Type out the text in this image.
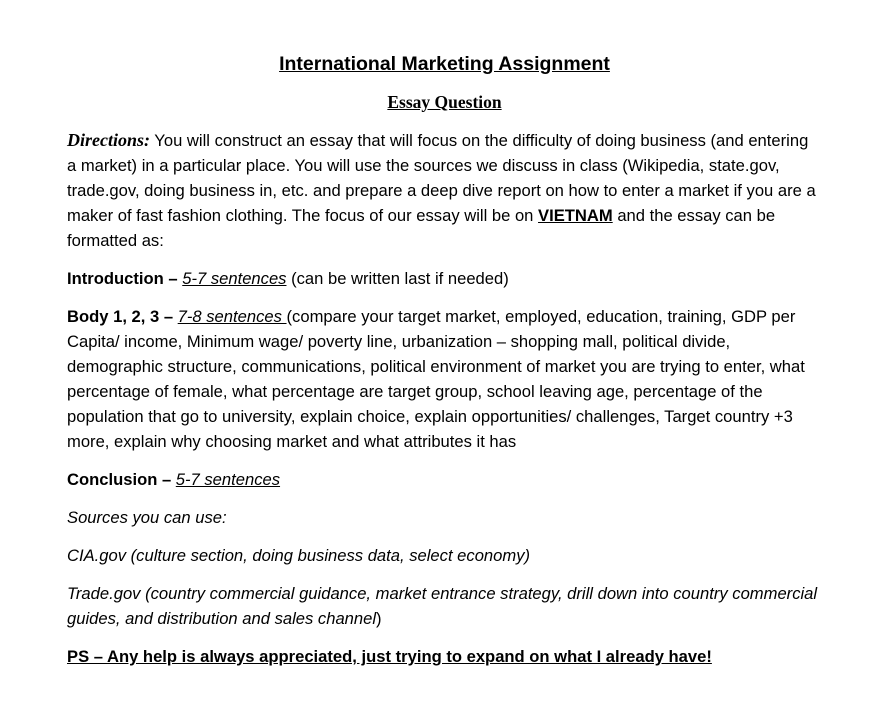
International Marketing Assignment
Essay Question

Directions: You will construct an essay that will focus on the difficulty of doing business (and entering a market) in a particular place. You will use the sources we discuss in class (Wikipedia, state.gov, trade.gov, doing business in, etc. and prepare a deep dive report on how to enter a market if you are a maker of fast fashion clothing. The focus of our essay will be on VIETNAM and the essay can be formatted as:

Introduction – 5-7 sentences (can be written last if needed)

Body 1, 2, 3 – 7-8 sentences (compare your target market, employed, education, training, GDP per Capita/ income, Minimum wage/ poverty line, urbanization – shopping mall, political divide, demographic structure, communications, political environment of market you are trying to enter, what percentage of female, what percentage are target group, school leaving age, percentage of the population that go to university, explain choice, explain opportunities/ challenges, Target country +3 more, explain why choosing market and what attributes it has

Conclusion – 5-7 sentences

Sources you can use:

CIA.gov (culture section, doing business data, select economy)

Trade.gov (country commercial guidance, market entrance strategy, drill down into country commercial guides, and distribution and sales channel)

PS – Any help is always appreciated, just trying to expand on what I already have!
